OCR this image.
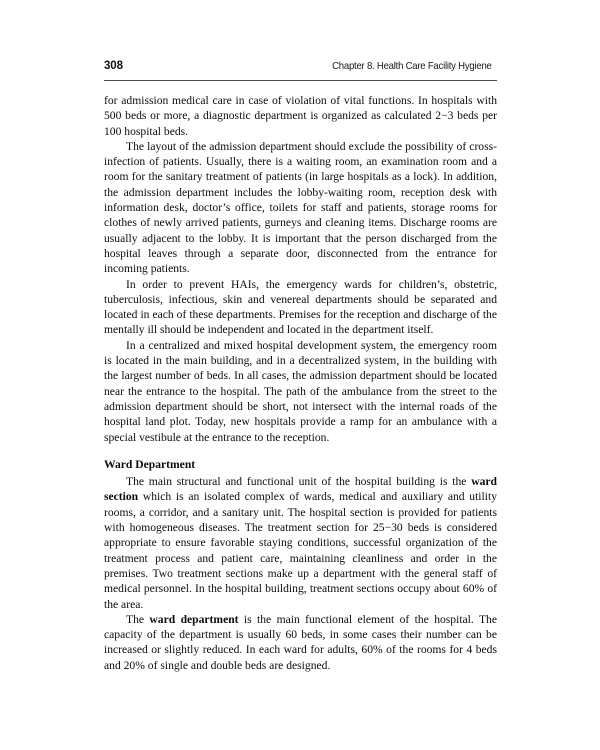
308	Chapter 8. Health Care Facility Hygiene

for admission medical care in case of violation of vital functions. In hospitals with 500 beds or more, a diagnostic department is organized as calculated 2−3 beds per 100 hospital beds.

The layout of the admission department should exclude the possibility of cross-infection of patients. Usually, there is a waiting room, an examination room and a room for the sanitary treatment of patients (in large hospitals as a lock). In addition, the admission department includes the lobby-waiting room, reception desk with information desk, doctor’s office, toilets for staff and patients, storage rooms for clothes of newly arrived patients, gurneys and cleaning items. Discharge rooms are usually adjacent to the lobby. It is important that the person discharged from the hospital leaves through a separate door, disconnected from the entrance for incoming patients.

In order to prevent HAIs, the emergency wards for children’s, obstetric, tuberculosis, infectious, skin and venereal departments should be separated and located in each of these departments. Premises for the reception and discharge of the mentally ill should be independent and located in the department itself.

In a centralized and mixed hospital development system, the emergency room is located in the main building, and in a decentralized system, in the building with the largest number of beds. In all cases, the admission department should be located near the entrance to the hospital. The path of the ambulance from the street to the admission department should be short, not intersect with the internal roads of the hospital land plot. Today, new hospitals provide a ramp for an ambulance with a special vestibule at the entrance to the reception.

Ward Department

The main structural and functional unit of the hospital building is the ward section which is an isolated complex of wards, medical and auxiliary and utility rooms, a corridor, and a sanitary unit. The hospital section is provided for patients with homogeneous diseases. The treatment section for 25−30 beds is considered appropriate to ensure favorable staying conditions, successful organization of the treatment process and patient care, maintaining cleanliness and order in the premises. Two treatment sections make up a department with the general staff of medical personnel. In the hospital building, treatment sections occupy about 60% of the area.

The ward department is the main functional element of the hospital. The capacity of the department is usually 60 beds, in some cases their number can be increased or slightly reduced. In each ward for adults, 60% of the rooms for 4 beds and 20% of single and double beds are designed.
